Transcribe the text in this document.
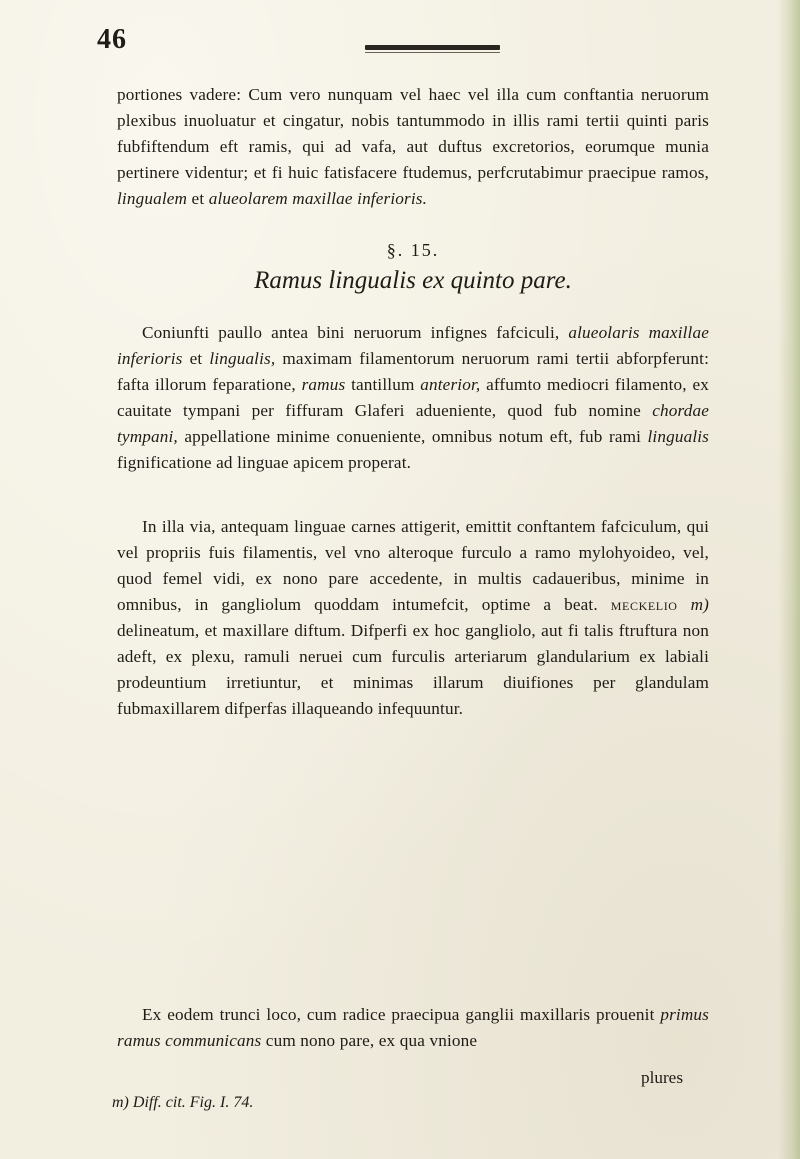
46

portiones vadere: Cum vero nunquam vel haec vel illa cum conftantia neruorum plexibus inuoluatur et cingatur, nobis tantummodo in illis rami tertii quinti paris fubfiftendum eft ramis, qui ad vafa, aut duftus excretorios, eorumque munia pertinere videntur; et fi huic fatisfacere ftudemus, perfcrutabimur praecipue ramos, lingualem et alueolarem maxillae inferioris.

§. 15.
Ramus lingualis ex quinto pare.

Coniunfti paullo antea bini neruorum infignes fafciculi, alueolaris maxillae inferioris et lingualis, maximam filamentorum neruorum rami tertii abforpferunt: fafta illorum feparatione, ramus tantillum anterior, affumto mediocri filamento, ex cauitate tympani per fiffuram Glaferi adueniente, quod fub nomine chordae tympani, appellatione minime conueniente, omnibus notum eft, fub rami lingualis fignificatione ad linguae apicem properat.

In illa via, antequam linguae carnes attigerit, emittit conftantem fafciculum, qui vel propriis fuis filamentis, vel vno alteroque furculo a ramo mylohyoideo, vel, quod femel vidi, ex nono pare accedente, in multis cadaueribus, minime in omnibus, in gangliolum quoddam intumefcit, optime a beat. meckelio m) delineatum, et maxillare diftum. Difperfi ex hoc gangliolo, aut fi talis ftruftura non adeft, ex plexu, ramuli neruei cum furculis arteriarum glandularium ex labiali prodeuntium irretiuntur, et minimas illarum diuifiones per glandulam fubmaxillarem difperfas illaqueando infequuntur.

Ex eodem trunci loco, cum radice praecipua ganglii maxillaris prouenit primus ramus communicans cum nono pare, ex qua vnione

plures
m) Diff. cit. Fig. I. 74.
